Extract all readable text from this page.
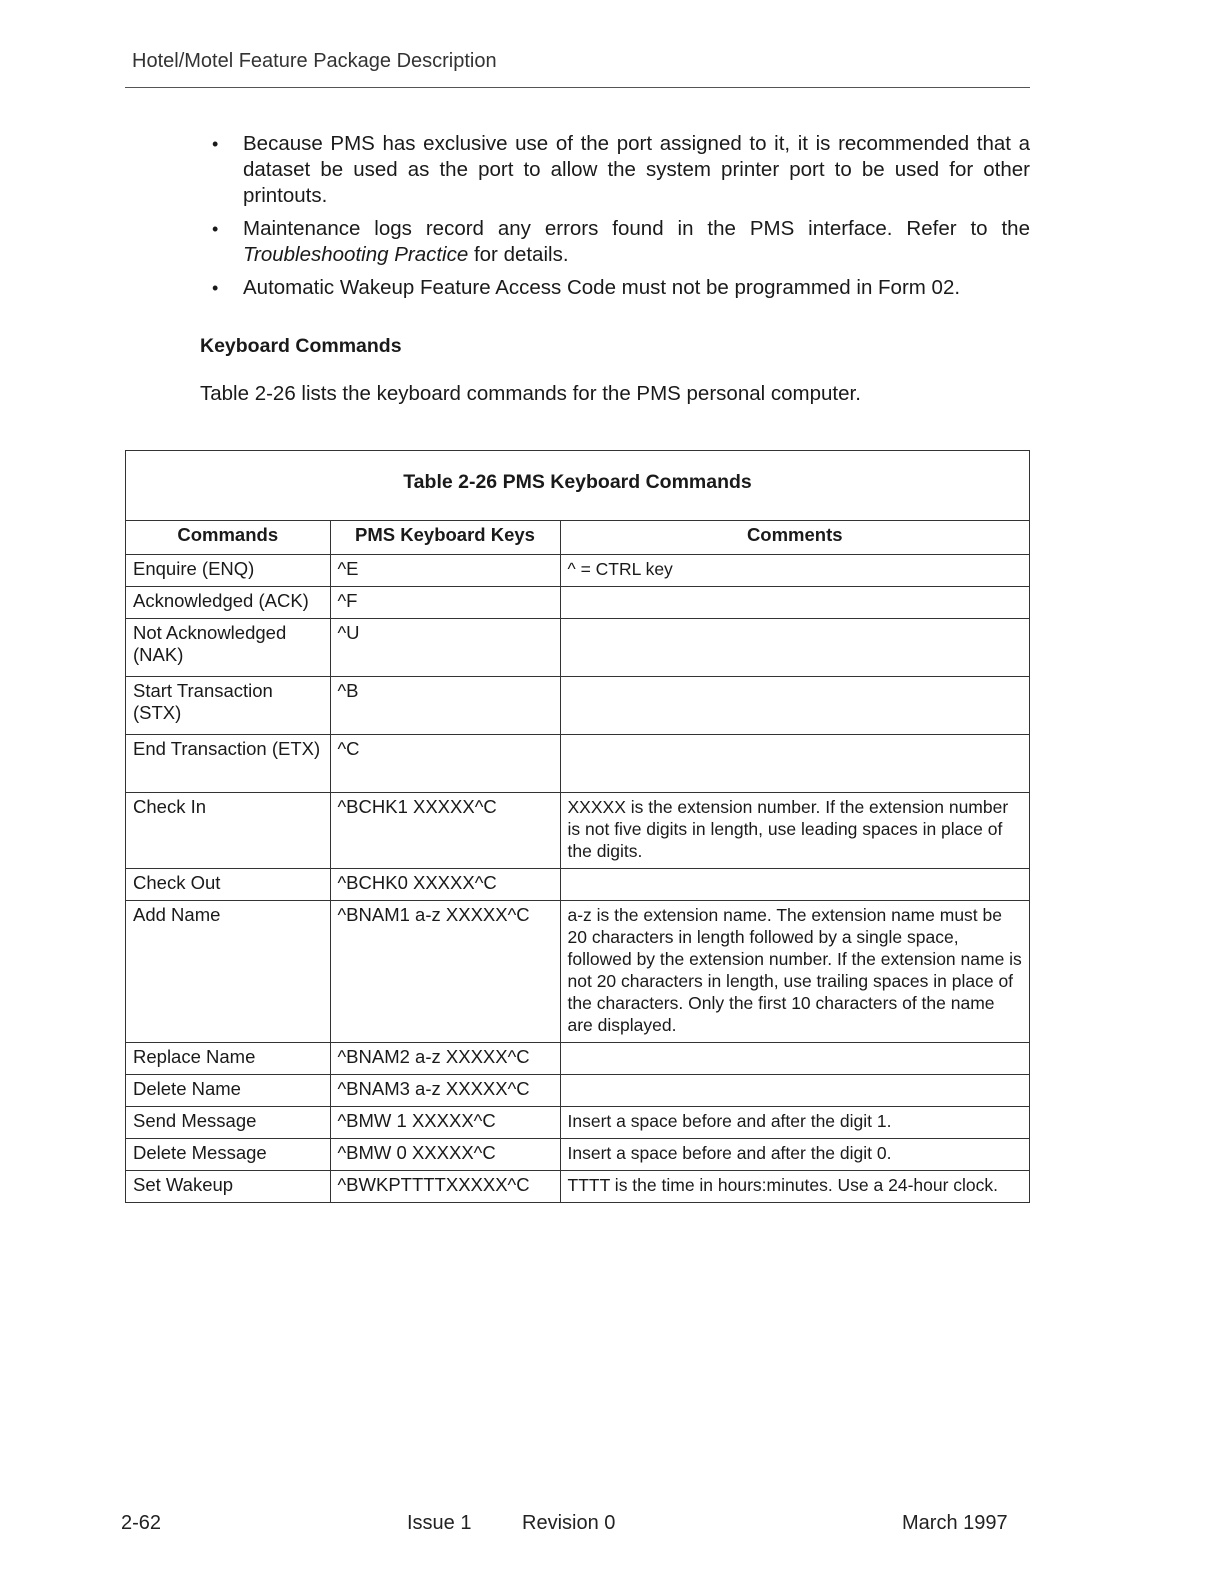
Hotel/Motel Feature Package Description
• Because PMS has exclusive use of the port assigned to it, it is recommended that a dataset be used as the port to allow the system printer port to be used for other printouts.
• Maintenance logs record any errors found in the PMS interface. Refer to the Troubleshooting Practice for details.
• Automatic Wakeup Feature Access Code must not be programmed in Form 02.
Keyboard Commands
Table 2-26 lists the keyboard commands for the PMS personal computer.
Table 2-26 PMS Keyboard Commands
Commands	PMS Keyboard Keys	Comments
Enquire (ENQ)	^E	^ = CTRL key
Acknowledged (ACK)	^F	
Not Acknowledged (NAK)	^U	
Start Transaction (STX)	^B	
End Transaction (ETX)	^C	
Check In	^BCHK1 XXXXX^C	XXXXX is the extension number. If the extension number is not five digits in length, use leading spaces in place of the digits.
Check Out	^BCHK0 XXXXX^C	
Add Name	^BNAM1 a-z XXXXX^C	a-z is the extension name. The extension name must be 20 characters in length followed by a single space, followed by the extension number. If the extension name is not 20 characters in length, use trailing spaces in place of the characters. Only the first 10 characters of the name are displayed.
Replace Name	^BNAM2 a-z XXXXX^C	
Delete Name	^BNAM3 a-z XXXXX^C	
Send Message	^BMW 1 XXXXX^C	Insert a space before and after the digit 1.
Delete Message	^BMW 0 XXXXX^C	Insert a space before and after the digit 0.
Set Wakeup	^BWKPTTTTXXXXX^C	TTTT is the time in hours:minutes. Use a 24-hour clock.
2-62	Issue 1	Revision 0	March 1997
